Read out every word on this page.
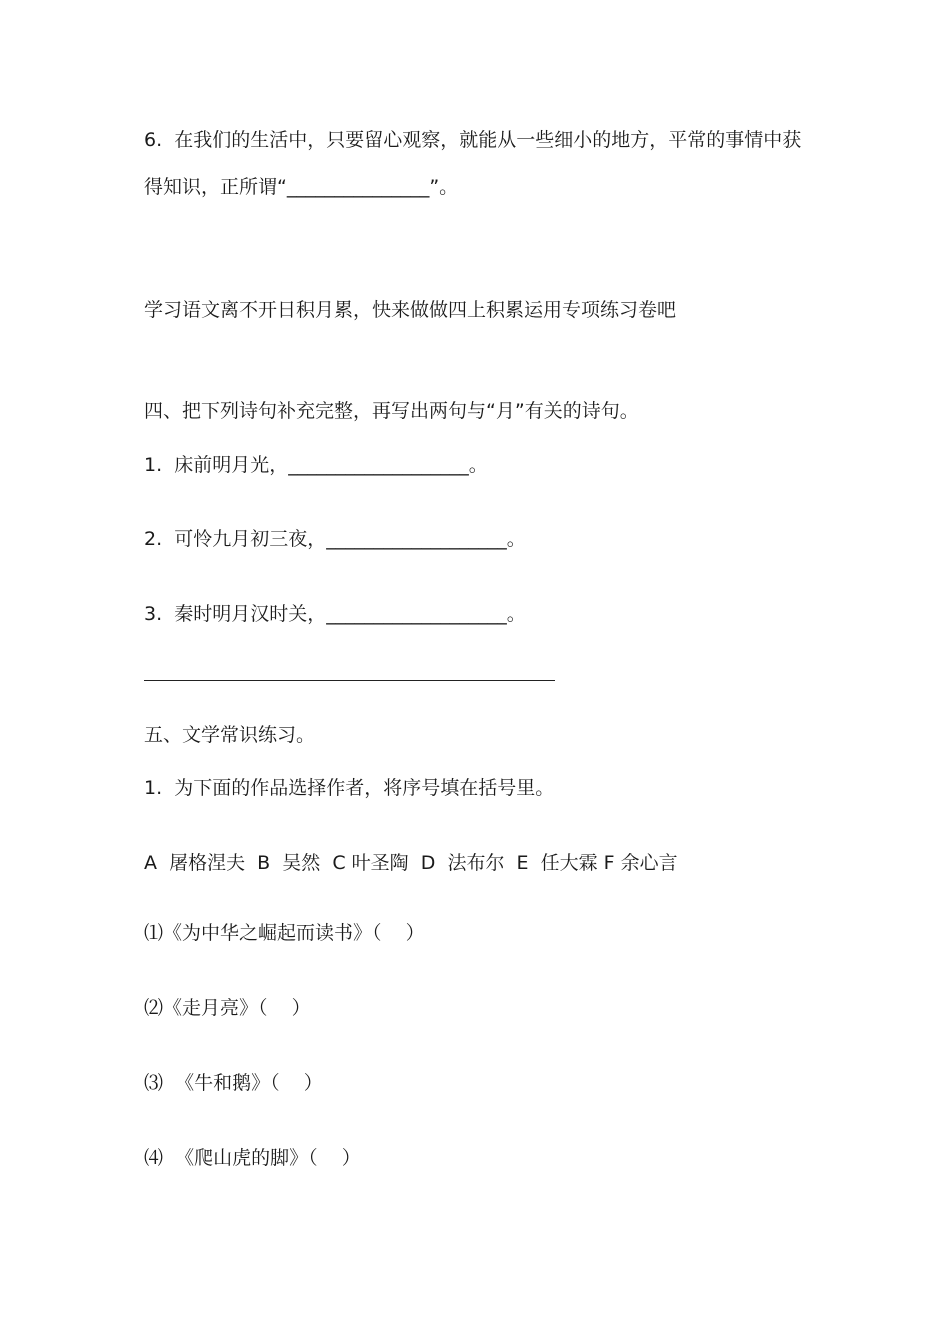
6.  在我们的生活中，只要留心观察，就能从一些细小的地方，平常的事情中获
得知识，正所谓“_______________”。
学习语文离不开日积月累，快来做做四上积累运用专项练习卷吧
四、把下列诗句补充完整，再写出两句与“月”有关的诗句。
1.  床前明月光，___________________。
2.  可怜九月初三夜，___________________。
3.  秦时明月汉时关，___________________。
五、文学常识练习。
1.  为下面的作品选择作者，将序号填在括号里。
A  屠格涅夫  B  吴然  C 叶圣陶  D  法布尔  E  任大霖 F 余心言
⑴《为中华之崛起而读书》（    ）
⑵《走月亮》（    ）
⑶  《牛和鹅》（    ）
⑷  《爬山虎的脚》（    ）
